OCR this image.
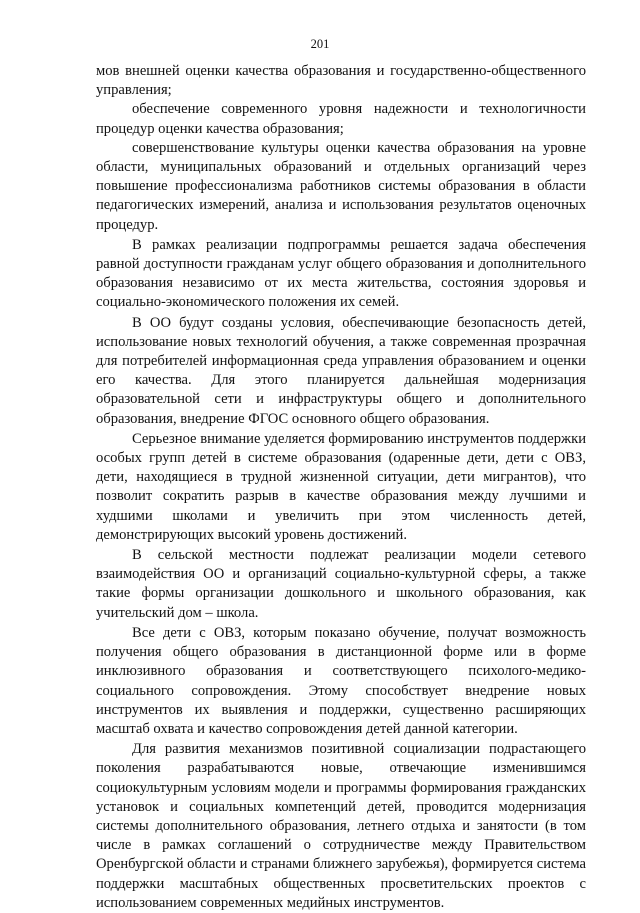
201

мов внешней оценки качества образования и государственно-общественного управления;

обеспечение современного уровня надежности и технологичности процедур оценки качества образования;

совершенствование культуры оценки качества образования на уровне области, муниципальных образований и отдельных организаций через повышение профессионализма работников системы образования в области педагогических измерений, анализа и использования результатов оценочных процедур.

В рамках реализации подпрограммы решается задача обеспечения равной доступности гражданам услуг общего образования и дополнительного образования независимо от их места жительства, состояния здоровья и социально-экономического положения их семей.

В ОО будут созданы условия, обеспечивающие безопасность детей, использование новых технологий обучения, а также современная прозрачная для потребителей информационная среда управления образованием и оценки его качества. Для этого планируется дальнейшая модернизация образовательной сети и инфраструктуры общего и дополнительного образования, внедрение ФГОС основного общего образования.

Серьезное внимание уделяется формированию инструментов поддержки особых групп детей в системе образования (одаренные дети, дети с ОВЗ, дети, находящиеся в трудной жизненной ситуации, дети мигрантов), что позволит сократить разрыв в качестве образования между лучшими и худшими школами и увеличить при этом численность детей, демонстрирующих высокий уровень достижений.

В сельской местности подлежат реализации модели сетевого взаимодействия ОО и организаций социально-культурной сферы, а также такие формы организации дошкольного и школьного образования, как учительский дом – школа.

Все дети с ОВЗ, которым показано обучение, получат возможность получения общего образования в дистанционной форме или в форме инклюзивного образования и соответствующего психолого-медико-социального сопровождения. Этому способствует внедрение новых инструментов их выявления и поддержки, существенно расширяющих масштаб охвата и качество сопровождения детей данной категории.

Для развития механизмов позитивной социализации подрастающего поколения разрабатываются новые, отвечающие изменившимся социокультурным условиям модели и программы формирования гражданских установок и социальных компетенций детей, проводится модернизация системы дополнительного образования, летнего отдыха и занятости (в том числе в рамках соглашений о сотрудничестве между Правительством Оренбургской области и странами ближнего зарубежья), формируется система поддержки масштабных общественных просветительских проектов с использованием современных медийных инструментов.
